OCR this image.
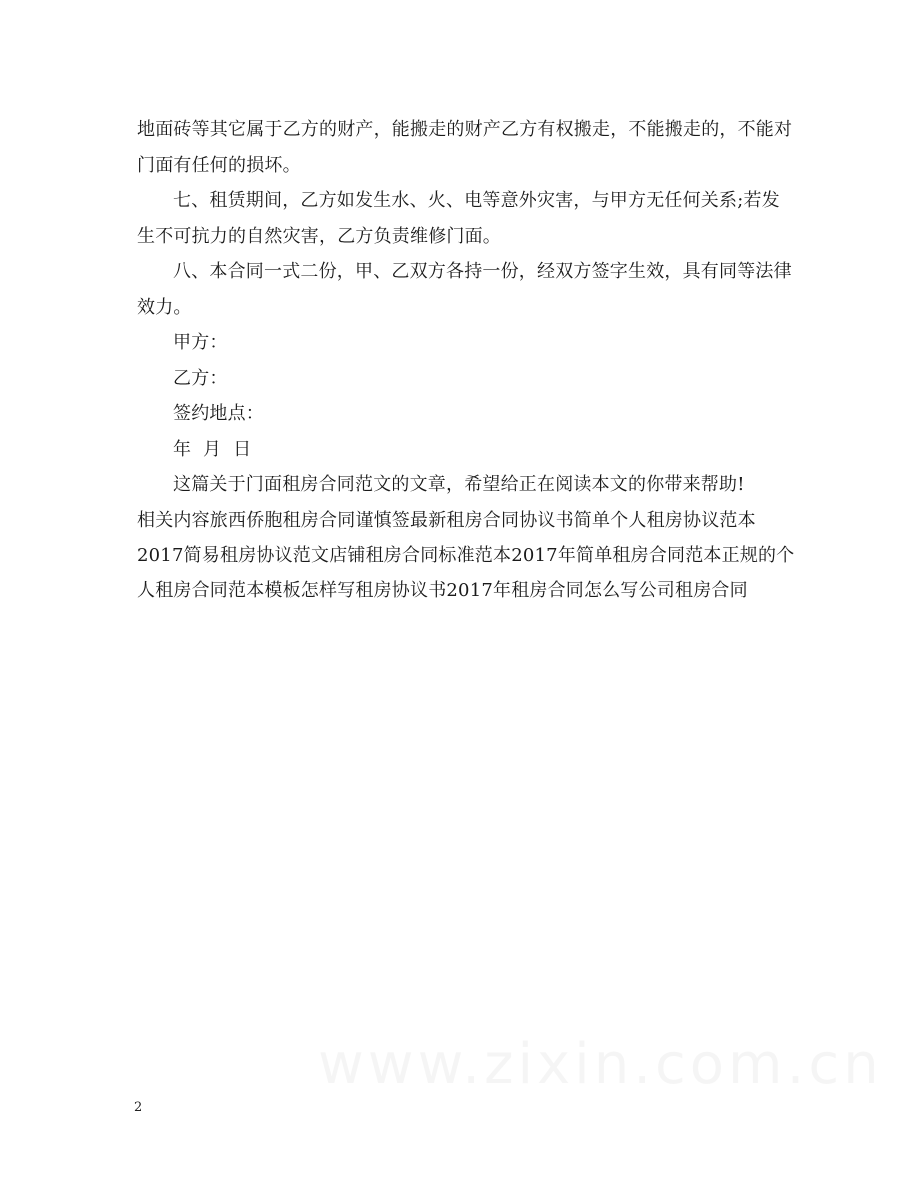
地面砖等其它属于乙方的财产，能搬走的财产乙方有权搬走，不能搬走的，不能对门面有任何的损坏。

七、租赁期间，乙方如发生水、火、电等意外灾害，与甲方无任何关系;若发生不可抗力的自然灾害，乙方负责维修门面。

八、本合同一式二份，甲、乙双方各持一份，经双方签字生效，具有同等法律效力。

甲方：

乙方：

签约地点：

年  月  日

这篇关于门面租房合同范文的文章，希望给正在阅读本文的你带来帮助!

相关内容旅西侨胞租房合同谨慎签最新租房合同协议书简单个人租房协议范本2017简易租房协议范文店铺租房合同标准范本2017年简单租房合同范本正规的个人租房合同范本模板怎样写租房协议书2017年租房合同怎么写公司租房合同

2
